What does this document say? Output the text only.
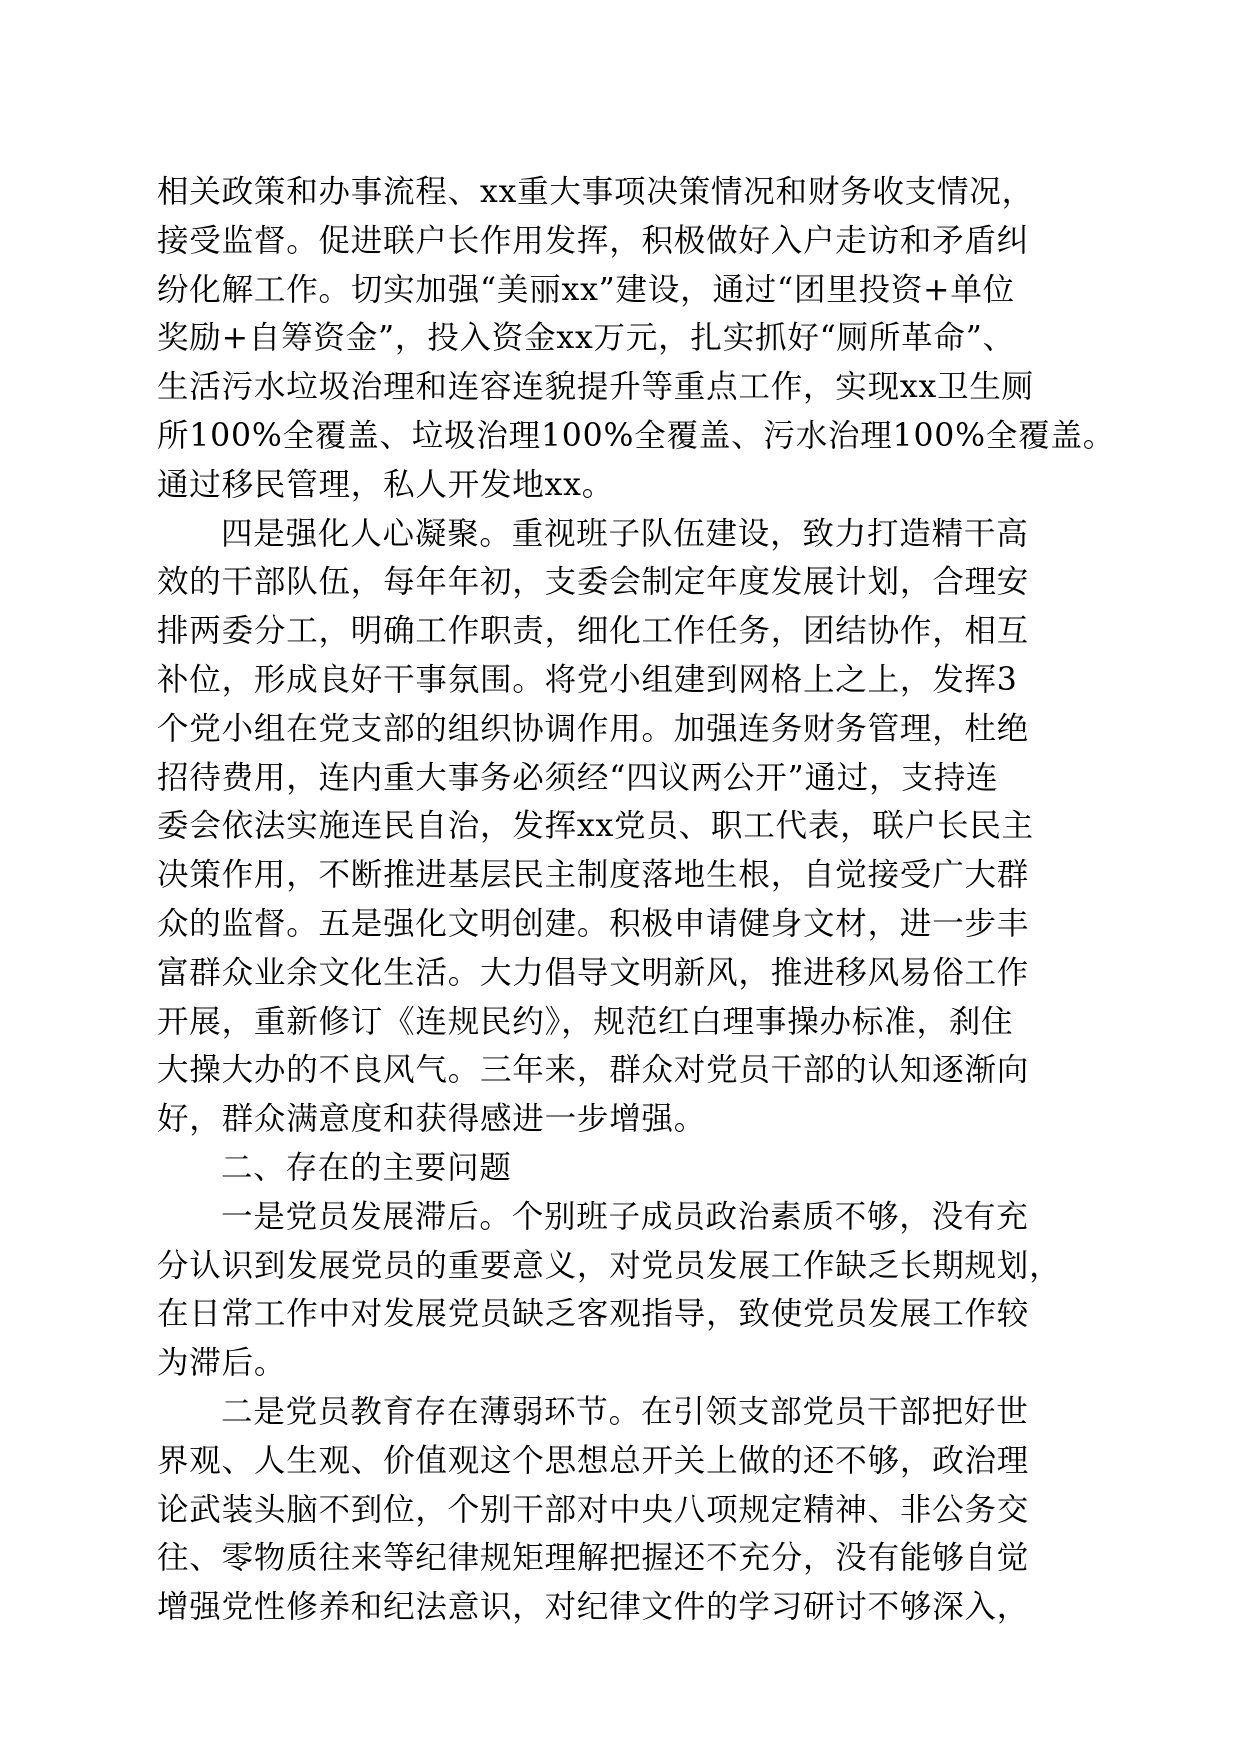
相关政策和办事流程、xx重大事项决策情况和财务收支情况，
接受监督。促进联户长作用发挥，积极做好入户走访和矛盾纠
纷化解工作。切实加强“美丽xx”建设，通过“团里投资+单位
奖励+自筹资金”，投入资金xx万元，扎实抓好“厕所革命”、
生活污水垃圾治理和连容连貌提升等重点工作，实现xx卫生厕
所100%全覆盖、垃圾治理100%全覆盖、污水治理100%全覆盖。
通过移民管理，私人开发地xx。
四是强化人心凝聚。重视班子队伍建设，致力打造精干高
效的干部队伍，每年年初，支委会制定年度发展计划，合理安
排两委分工，明确工作职责，细化工作任务，团结协作，相互
补位，形成良好干事氛围。将党小组建到网格上之上，发挥3
个党小组在党支部的组织协调作用。加强连务财务管理，杜绝
招待费用，连内重大事务必须经“四议两公开”通过，支持连
委会依法实施连民自治，发挥xx党员、职工代表，联户长民主
决策作用，不断推进基层民主制度落地生根，自觉接受广大群
众的监督。五是强化文明创建。积极申请健身文材，进一步丰
富群众业余文化生活。大力倡导文明新风，推进移风易俗工作
开展，重新修订《连规民约》，规范红白理事操办标准，刹住
大操大办的不良风气。三年来，群众对党员干部的认知逐渐向
好，群众满意度和获得感进一步增强。
二、存在的主要问题
一是党员发展滞后。个别班子成员政治素质不够，没有充
分认识到发展党员的重要意义，对党员发展工作缺乏长期规划，
在日常工作中对发展党员缺乏客观指导，致使党员发展工作较
为滞后。
二是党员教育存在薄弱环节。在引领支部党员干部把好世
界观、人生观、价值观这个思想总开关上做的还不够，政治理
论武装头脑不到位，个别干部对中央八项规定精神、非公务交
往、零物质往来等纪律规矩理解把握还不充分，没有能够自觉
增强党性修养和纪法意识，对纪律文件的学习研讨不够深入，
